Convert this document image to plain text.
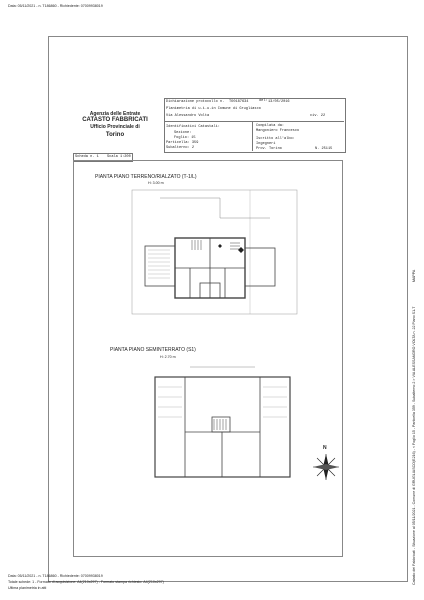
Data: 05/11/2021 - n. T186860 - Richiedente: 07009938019
Agenzia delle Entrate
CATASTO FABBRICATI
Ufficio Provinciale di
Torino
Dichiarazione protocollo n. TO0187634	del: 13/05/2016
Planimetria di u.i.u.in Comune di Grugliasco
Via Alessandro Volta	civ. 22
Identificativi Catastali:
Sezione:
Foglio: 15
Particella: 359
Subalterno: 2
Compilata da:
Mangoniero Francesco
Iscritto all'albo:
Ingegneri
Prov. Torino	N. 25115
Scheda n. 1 Scala 1:200
PIANTA PIANO TERRENO/RIALZATO (T-1/L)
H: 3.00 m
PIANTA PIANO SEMINTERRATO (S1)
H: 2.70 m
N	Catasto dei Fabbricati - Situazione al 05/11/2021 - Comune di GRUGLIASCO(E216) - < Foglio 15 - Particella 359 - Subalterno 2 > VIA ALESSANDRO VOLTA n. 22 Piano S1-T
MAPPA
Data: 05/11/2021 - n. T186860 - Richiedente: 07009938019
Totale schede: 1 - Formato di acquisizione: A4(210x297) - Formato stampa richiesto: A4(210x297)
Ultima planimetria in atti
